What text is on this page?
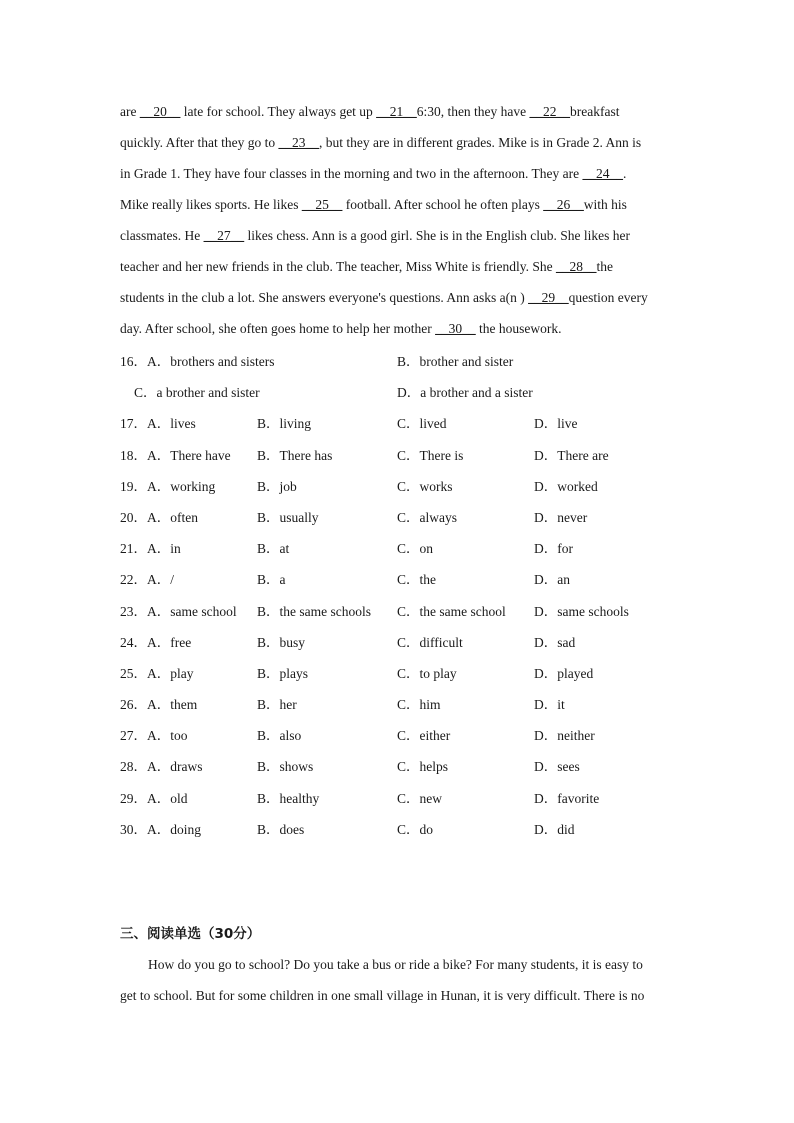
are __20__ late for school. They always get up __21__6:30, then they have __22__breakfast
quickly. After that they go to __23__, but they are in different grades. Mike is in Grade 2. Ann is
in Grade 1. They have four classes in the morning and two in the afternoon. They are __24__.
Mike really likes sports. He likes __25__ football. After school he often plays __26__with his
classmates. He __27__ likes chess. Ann is a good girl. She is in the English club. She likes her
teacher and her new friends in the club. The teacher, Miss White is friendly. She __28__the
students in the club a lot. She answers everyone's questions. Ann asks a(n ) __29__question every
day. After school, she often goes home to help her mother __30__ the housework.
16．A．brothers and sisters	B．brother and sister
C．a brother and sister	D．a brother and a sister
17．A．lives	B．living	C．lived	D．live
18．A．There have B．There has	C．There is	D．There are
19．A．working	B．job	C．works	D．worked
20．A．often	B．usually	C．always	D．never
21．A．in	B．at	C．on	D．for
22．A．/	B．a	C．the	D．an
23．A．same school B．the same schools C．the same school D．same schools
24．A．free	B．busy	C．difficult	D．sad
25．A．play	B．plays	C．to play	D．played
26．A．them	B．her	C．him	D．it
27．A．too	B．also	C．either	D．neither
28．A．draws	B．shows	C．helps	D．sees
29．A．old	B．healthy	C．new	D．favorite
30．A．doing	B．does	C．do	D．did
三、阅读单选（30分）
How do you go to school? Do you take a bus or ride a bike? For many students, it is easy to
get to school. But for some children in one small village in Hunan, it is very difficult. There is no
